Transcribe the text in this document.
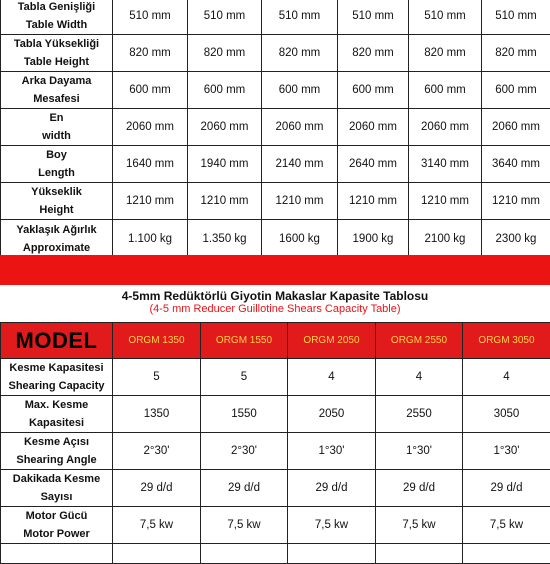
Tabla Genişliği
Table Width	510 mm	510 mm	510 mm	510 mm	510 mm	510 mm
Tabla Yüksekliği
Table Height	820 mm	820 mm	820 mm	820 mm	820 mm	820 mm
Arka Dayama
Mesafesi	600 mm	600 mm	600 mm	600 mm	600 mm	600 mm
En
width	2060 mm	2060 mm	2060 mm	2060 mm	2060 mm	2060 mm
Boy
Length	1640 mm	1940 mm	2140 mm	2640 mm	3140 mm	3640 mm
Yükseklik
Height	1210 mm	1210 mm	1210 mm	1210 mm	1210 mm	1210 mm
Yaklaşık Ağırlık
Approximate	1.100 kg	1.350 kg	1600 kg	1900 kg	2100 kg	2300 kg
4-5mm Redüktörlü Giyotin Makaslar Kapasite Tablosu
(4-5 mm Reducer Guillotine Shears Capacity Table)
MODEL	ORGM 1350	ORGM 1550	ORGM 2050	ORGM 2550	ORGM 3050
Kesme Kapasitesi
Shearing Capacity	5	5	4	4	4
Max. Kesme
Kapasitesi	1350	1550	2050	2550	3050
Kesme Açısı
Shearing Angle	2°30'	2°30'	1°30'	1°30'	1°30'
Dakikada Kesme
Sayısı	29 d/d	29 d/d	29 d/d	29 d/d	29 d/d
Motor Gücü
Motor Power	7,5 kw	7,5 kw	7,5 kw	7,5 kw	7,5 kw
